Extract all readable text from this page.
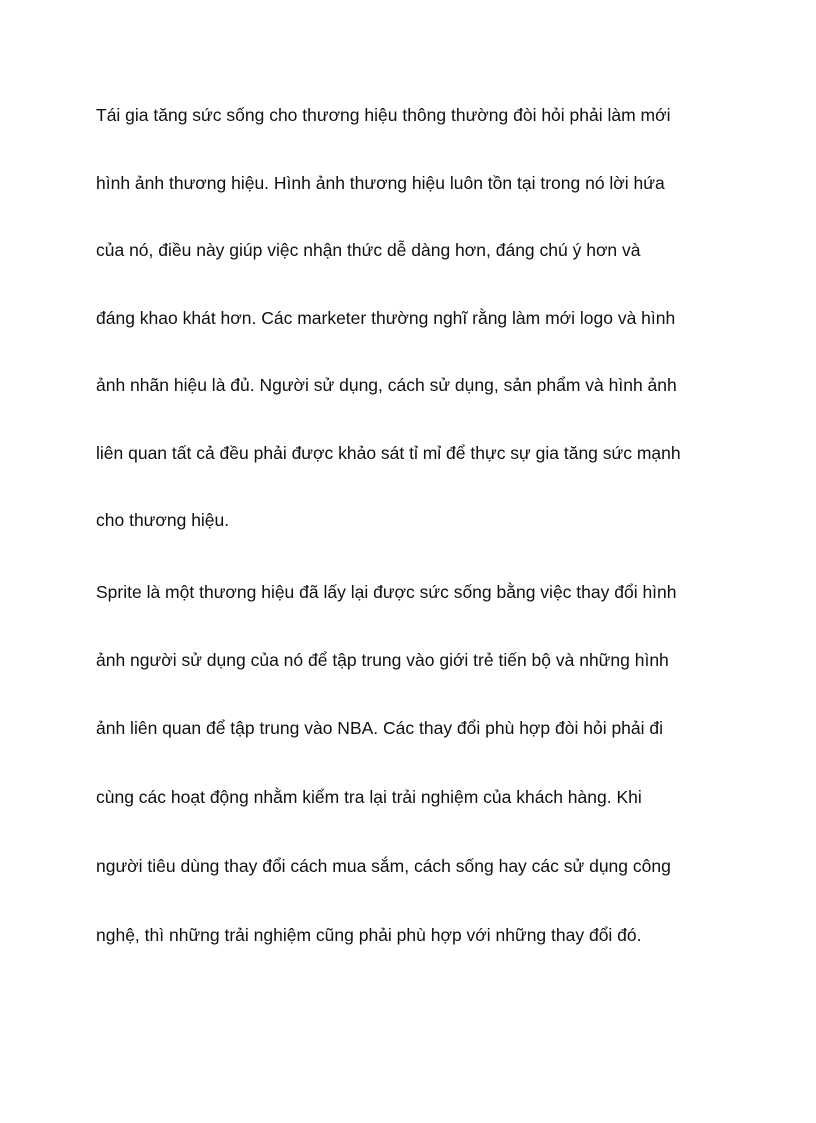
Tái gia tăng sức sống cho thương hiệu thông thường đòi hỏi phải làm mới

hình ảnh thương hiệu. Hình ảnh thương hiệu luôn tồn tại trong nó lời hứa

của nó, điều này giúp việc nhận thức dễ dàng hơn, đáng chú ý hơn và

đáng khao khát hơn. Các marketer thường nghĩ rằng làm mới logo và hình

ảnh nhãn hiệu là đủ. Người sử dụng, cách sử dụng, sản phẩm và hình ảnh

liên quan tất cả đều phải được khảo sát tỉ mỉ để thực sự gia tăng sức mạnh

cho thương hiệu.

Sprite là một thương hiệu đã lấy lại được sức sống bằng việc thay đổi hình

ảnh người sử dụng của nó để tập trung vào giới trẻ tiến bộ và những hình

ảnh liên quan để tập trung vào NBA. Các thay đổi phù hợp đòi hỏi phải đi

cùng các hoạt động nhằm kiểm tra lại trải nghiệm của khách hàng. Khi

người tiêu dùng thay đổi cách mua sắm, cách sống hay các sử dụng công

nghệ, thì những trải nghiệm cũng phải phù hợp với những thay đổi đó.
